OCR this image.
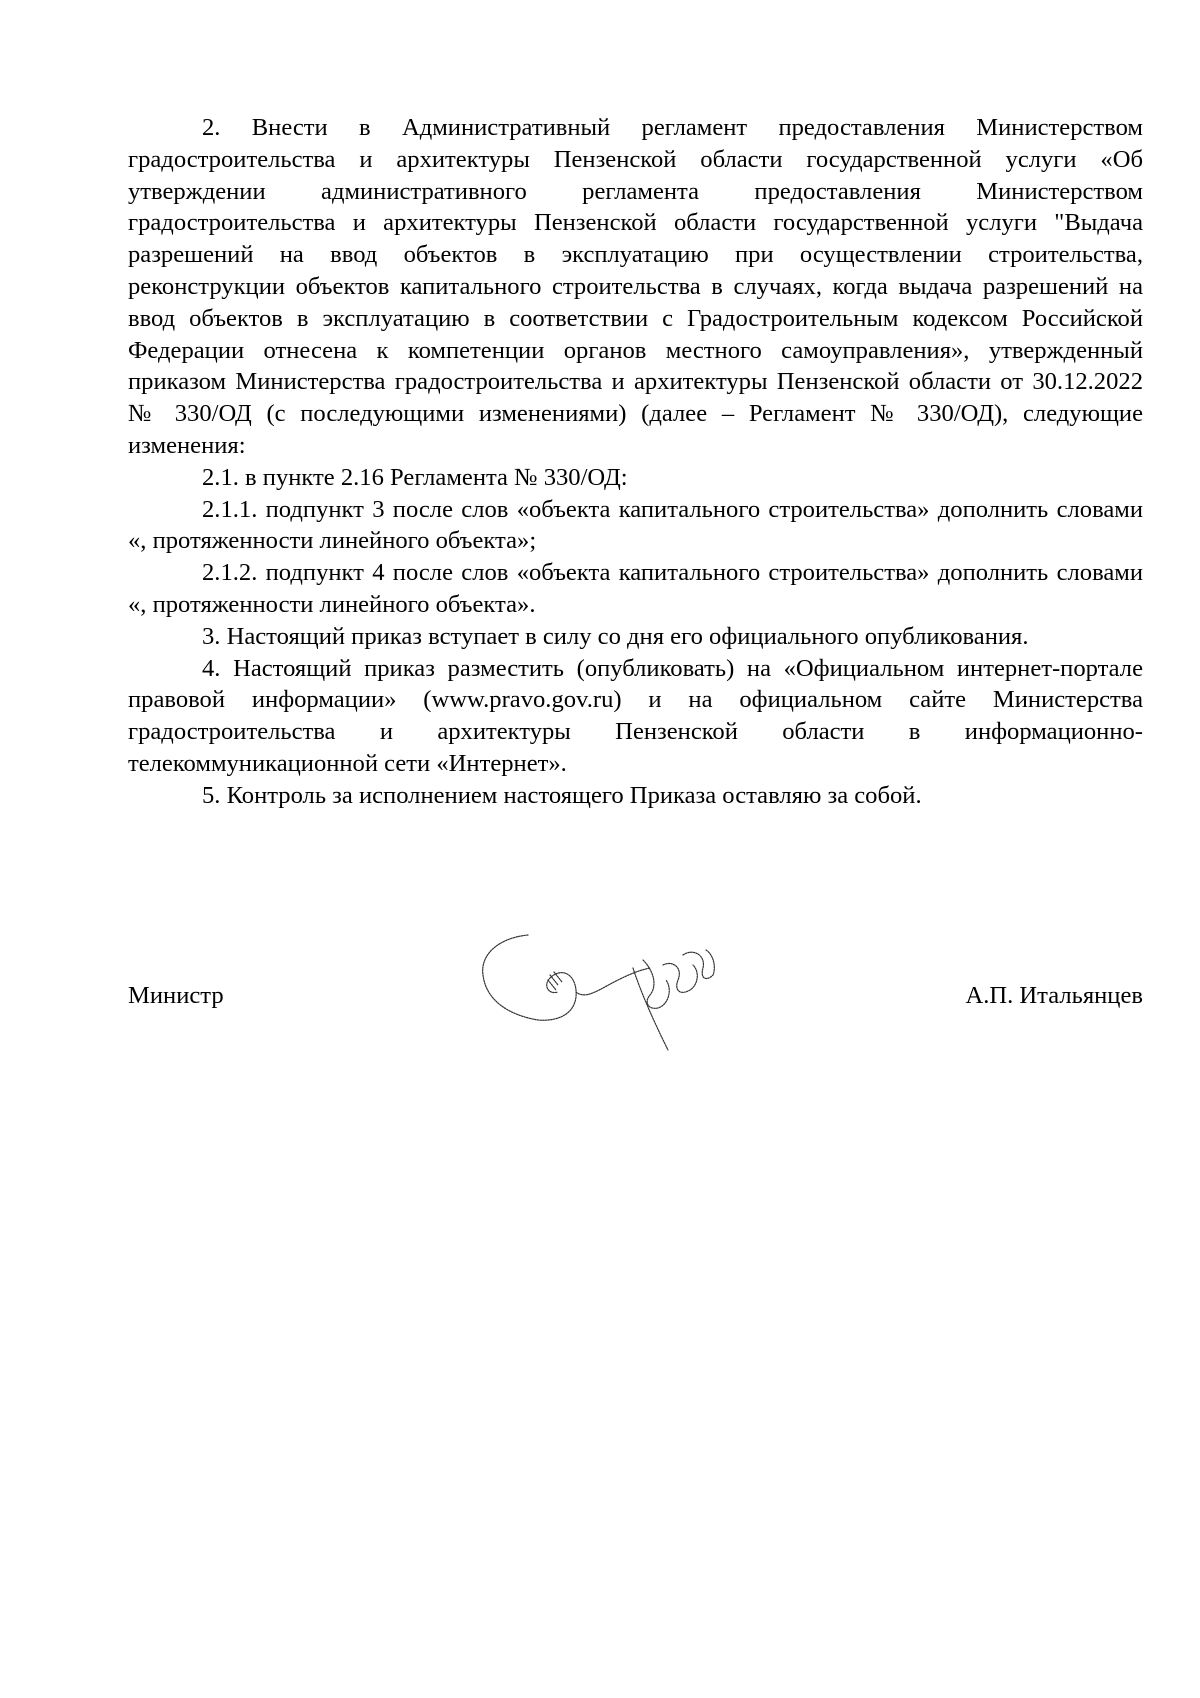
2. Внести в Административный регламент предоставления Министерством градостроительства и архитектуры Пензенской области государственной услуги «Об утверждении административного регламента предоставления Министерством градостроительства и архитектуры Пензенской области государственной услуги "Выдача разрешений на ввод объектов в эксплуатацию при осуществлении строительства, реконструкции объектов капитального строительства в случаях, когда выдача разрешений на ввод объектов в эксплуатацию в соответствии с Градостроительным кодексом Российской Федерации отнесена к компетенции органов местного самоуправления», утвержденный приказом Министерства градостроительства и архитектуры Пензенской области от 30.12.2022 № 330/ОД (с последующими изменениями) (далее – Регламент № 330/ОД), следующие изменения:

2.1. в пункте 2.16 Регламента № 330/ОД:

2.1.1. подпункт 3 после слов «объекта капитального строительства» дополнить словами «, протяженности линейного объекта»;

2.1.2. подпункт 4 после слов «объекта капитального строительства» дополнить словами «, протяженности линейного объекта».

3. Настоящий приказ вступает в силу со дня его официального опубликования.

4. Настоящий приказ разместить (опубликовать) на «Официальном интернет-портале правовой информации» (www.pravo.gov.ru) и на официальном сайте Министерства градостроительства и архитектуры Пензенской области в информационно-телекоммуникационной сети «Интернет».

5. Контроль за исполнением настоящего Приказа оставляю за собой.

Министр	А.П. Итальянцев
